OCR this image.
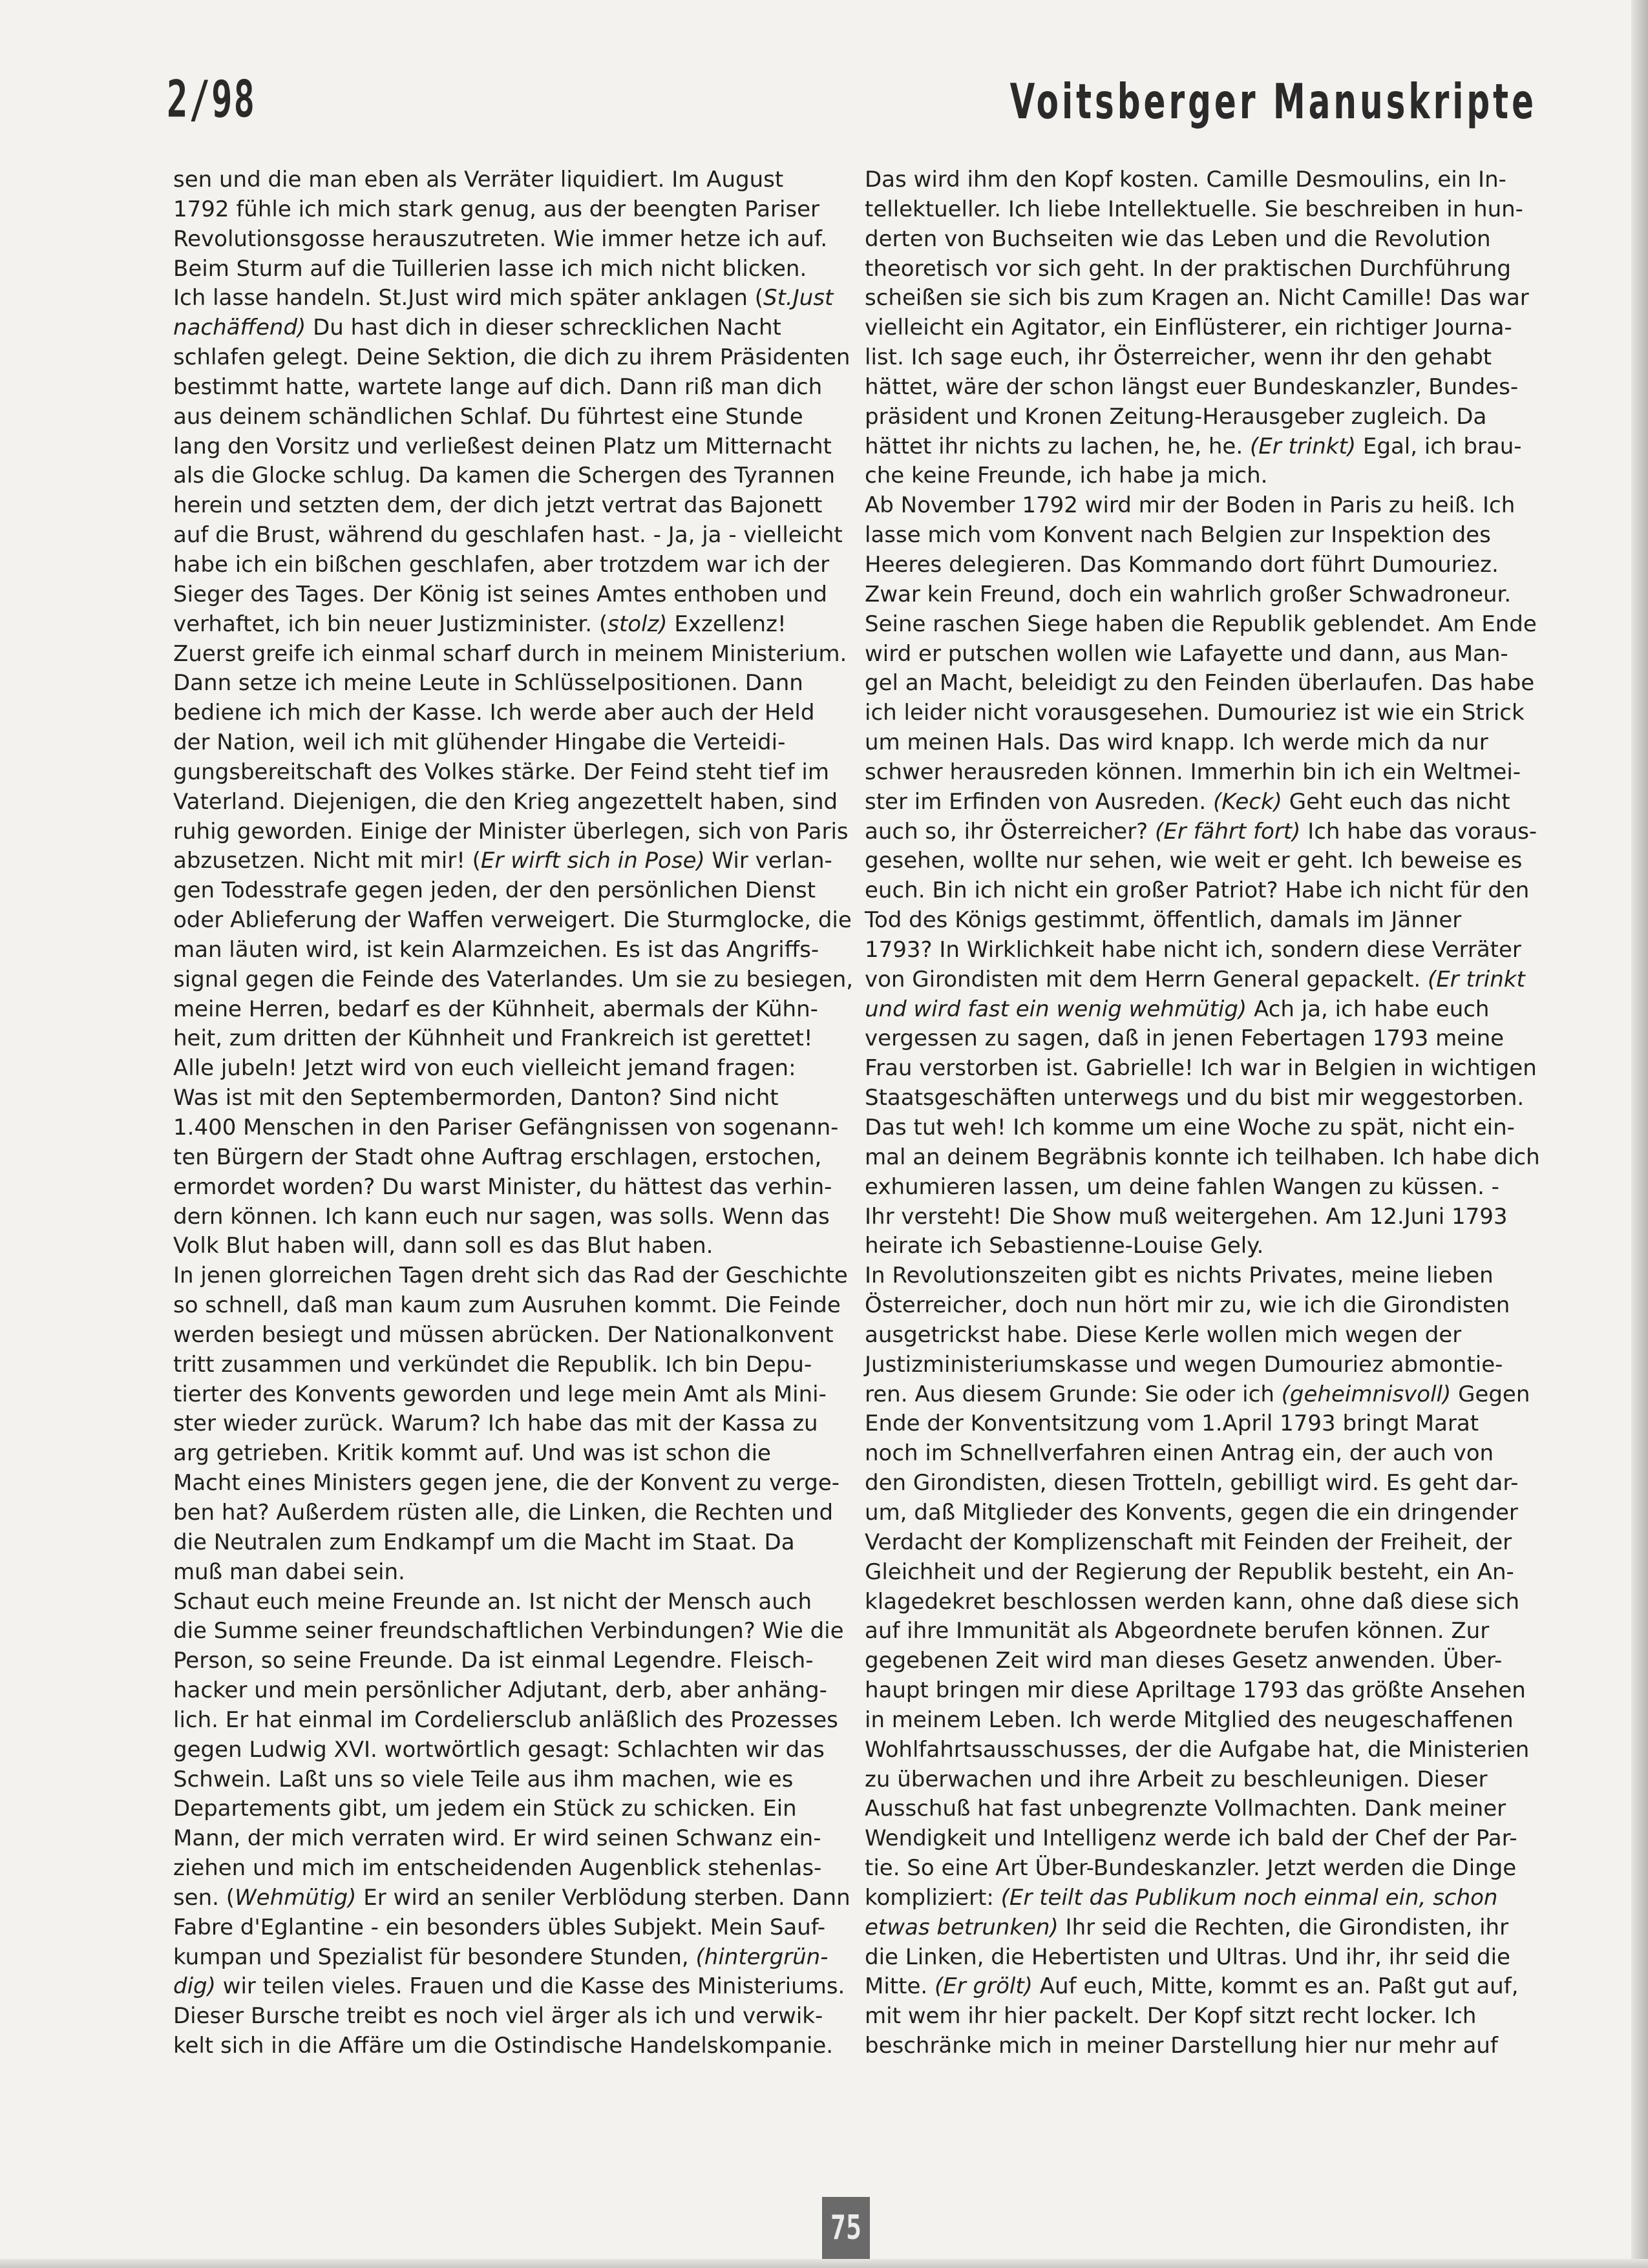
2/98	Voitsberger Manuskripte
sen und die man eben als Verräter liquidiert. Im August
1792 fühle ich mich stark genug, aus der beengten Pariser
Revolutionsgosse herauszutreten. Wie immer hetze ich auf.
Beim Sturm auf die Tuillerien lasse ich mich nicht blicken.
Ich lasse handeln. St.Just wird mich später anklagen (St.Just
nachäffend) Du hast dich in dieser schrecklichen Nacht
schlafen gelegt. Deine Sektion, die dich zu ihrem Präsidenten
bestimmt hatte, wartete lange auf dich. Dann riß man dich
aus deinem schändlichen Schlaf. Du führtest eine Stunde
lang den Vorsitz und verließest deinen Platz um Mitternacht
als die Glocke schlug. Da kamen die Schergen des Tyrannen
herein und setzten dem, der dich jetzt vertrat das Bajonett
auf die Brust, während du geschlafen hast. - Ja, ja - vielleicht
habe ich ein bißchen geschlafen, aber trotzdem war ich der
Sieger des Tages. Der König ist seines Amtes enthoben und
verhaftet, ich bin neuer Justizminister. (stolz) Exzellenz!
Zuerst greife ich einmal scharf durch in meinem Ministerium.
Dann setze ich meine Leute in Schlüsselpositionen. Dann
bediene ich mich der Kasse. Ich werde aber auch der Held
der Nation, weil ich mit glühender Hingabe die Verteidi-
gungsbereitschaft des Volkes stärke. Der Feind steht tief im
Vaterland. Diejenigen, die den Krieg angezettelt haben, sind
ruhig geworden. Einige der Minister überlegen, sich von Paris
abzusetzen. Nicht mit mir! (Er wirft sich in Pose) Wir verlan-
gen Todesstrafe gegen jeden, der den persönlichen Dienst
oder Ablieferung der Waffen verweigert. Die Sturmglocke, die
man läuten wird, ist kein Alarmzeichen. Es ist das Angriffs-
signal gegen die Feinde des Vaterlandes. Um sie zu besiegen,
meine Herren, bedarf es der Kühnheit, abermals der Kühn-
heit, zum dritten der Kühnheit und Frankreich ist gerettet!
Alle jubeln! Jetzt wird von euch vielleicht jemand fragen:
Was ist mit den Septembermorden, Danton? Sind nicht
1.400 Menschen in den Pariser Gefängnissen von sogenann-
ten Bürgern der Stadt ohne Auftrag erschlagen, erstochen,
ermordet worden? Du warst Minister, du hättest das verhin-
dern können. Ich kann euch nur sagen, was solls. Wenn das
Volk Blut haben will, dann soll es das Blut haben.
In jenen glorreichen Tagen dreht sich das Rad der Geschichte
so schnell, daß man kaum zum Ausruhen kommt. Die Feinde
werden besiegt und müssen abrücken. Der Nationalkonvent
tritt zusammen und verkündet die Republik. Ich bin Depu-
tierter des Konvents geworden und lege mein Amt als Mini-
ster wieder zurück. Warum? Ich habe das mit der Kassa zu
arg getrieben. Kritik kommt auf. Und was ist schon die
Macht eines Ministers gegen jene, die der Konvent zu verge-
ben hat? Außerdem rüsten alle, die Linken, die Rechten und
die Neutralen zum Endkampf um die Macht im Staat. Da
muß man dabei sein.
Schaut euch meine Freunde an. Ist nicht der Mensch auch
die Summe seiner freundschaftlichen Verbindungen? Wie die
Person, so seine Freunde. Da ist einmal Legendre. Fleisch-
hacker und mein persönlicher Adjutant, derb, aber anhäng-
lich. Er hat einmal im Cordeliersclub anläßlich des Prozesses
gegen Ludwig XVI. wortwörtlich gesagt: Schlachten wir das
Schwein. Laßt uns so viele Teile aus ihm machen, wie es
Departements gibt, um jedem ein Stück zu schicken. Ein
Mann, der mich verraten wird. Er wird seinen Schwanz ein-
ziehen und mich im entscheidenden Augenblick stehenlas-
sen. (Wehmütig) Er wird an seniler Verblödung sterben. Dann
Fabre d'Eglantine - ein besonders übles Subjekt. Mein Sauf-
kumpan und Spezialist für besondere Stunden, (hintergrün-
dig) wir teilen vieles. Frauen und die Kasse des Ministeriums.
Dieser Bursche treibt es noch viel ärger als ich und verwik-
kelt sich in die Affäre um die Ostindische Handelskompanie.
Das wird ihm den Kopf kosten. Camille Desmoulins, ein In-
tellektueller. Ich liebe Intellektuelle. Sie beschreiben in hun-
derten von Buchseiten wie das Leben und die Revolution
theoretisch vor sich geht. In der praktischen Durchführung
scheißen sie sich bis zum Kragen an. Nicht Camille! Das war
vielleicht ein Agitator, ein Einflüsterer, ein richtiger Journa-
list. Ich sage euch, ihr Österreicher, wenn ihr den gehabt
hättet, wäre der schon längst euer Bundeskanzler, Bundes-
präsident und Kronen Zeitung-Herausgeber zugleich. Da
hättet ihr nichts zu lachen, he, he. (Er trinkt) Egal, ich brau-
che keine Freunde, ich habe ja mich.
Ab November 1792 wird mir der Boden in Paris zu heiß. Ich
lasse mich vom Konvent nach Belgien zur Inspektion des
Heeres delegieren. Das Kommando dort führt Dumouriez.
Zwar kein Freund, doch ein wahrlich großer Schwadroneur.
Seine raschen Siege haben die Republik geblendet. Am Ende
wird er putschen wollen wie Lafayette und dann, aus Man-
gel an Macht, beleidigt zu den Feinden überlaufen. Das habe
ich leider nicht vorausgesehen. Dumouriez ist wie ein Strick
um meinen Hals. Das wird knapp. Ich werde mich da nur
schwer herausreden können. Immerhin bin ich ein Weltmei-
ster im Erfinden von Ausreden. (Keck) Geht euch das nicht
auch so, ihr Österreicher? (Er fährt fort) Ich habe das voraus-
gesehen, wollte nur sehen, wie weit er geht. Ich beweise es
euch. Bin ich nicht ein großer Patriot? Habe ich nicht für den
Tod des Königs gestimmt, öffentlich, damals im Jänner
1793? In Wirklichkeit habe nicht ich, sondern diese Verräter
von Girondisten mit dem Herrn General gepackelt. (Er trinkt
und wird fast ein wenig wehmütig) Ach ja, ich habe euch
vergessen zu sagen, daß in jenen Febertagen 1793 meine
Frau verstorben ist. Gabrielle! Ich war in Belgien in wichtigen
Staatsgeschäften unterwegs und du bist mir weggestorben.
Das tut weh! Ich komme um eine Woche zu spät, nicht ein-
mal an deinem Begräbnis konnte ich teilhaben. Ich habe dich
exhumieren lassen, um deine fahlen Wangen zu küssen. -
Ihr versteht! Die Show muß weitergehen. Am 12.Juni 1793
heirate ich Sebastienne-Louise Gely.
In Revolutionszeiten gibt es nichts Privates, meine lieben
Österreicher, doch nun hört mir zu, wie ich die Girondisten
ausgetrickst habe. Diese Kerle wollen mich wegen der
Justizministeriumskasse und wegen Dumouriez abmontie-
ren. Aus diesem Grunde: Sie oder ich (geheimnisvoll) Gegen
Ende der Konventsitzung vom 1.April 1793 bringt Marat
noch im Schnellverfahren einen Antrag ein, der auch von
den Girondisten, diesen Trotteln, gebilligt wird. Es geht dar-
um, daß Mitglieder des Konvents, gegen die ein dringender
Verdacht der Komplizenschaft mit Feinden der Freiheit, der
Gleichheit und der Regierung der Republik besteht, ein An-
klagedekret beschlossen werden kann, ohne daß diese sich
auf ihre Immunität als Abgeordnete berufen können. Zur
gegebenen Zeit wird man dieses Gesetz anwenden. Über-
haupt bringen mir diese Apriltage 1793 das größte Ansehen
in meinem Leben. Ich werde Mitglied des neugeschaffenen
Wohlfahrtsausschusses, der die Aufgabe hat, die Ministerien
zu überwachen und ihre Arbeit zu beschleunigen. Dieser
Ausschuß hat fast unbegrenzte Vollmachten. Dank meiner
Wendigkeit und Intelligenz werde ich bald der Chef der Par-
tie. So eine Art Über-Bundeskanzler. Jetzt werden die Dinge
kompliziert: (Er teilt das Publikum noch einmal ein, schon
etwas betrunken) Ihr seid die Rechten, die Girondisten, ihr
die Linken, die Hebertisten und Ultras. Und ihr, ihr seid die
Mitte. (Er grölt) Auf euch, Mitte, kommt es an. Paßt gut auf,
mit wem ihr hier packelt. Der Kopf sitzt recht locker. Ich
beschränke mich in meiner Darstellung hier nur mehr auf
75
